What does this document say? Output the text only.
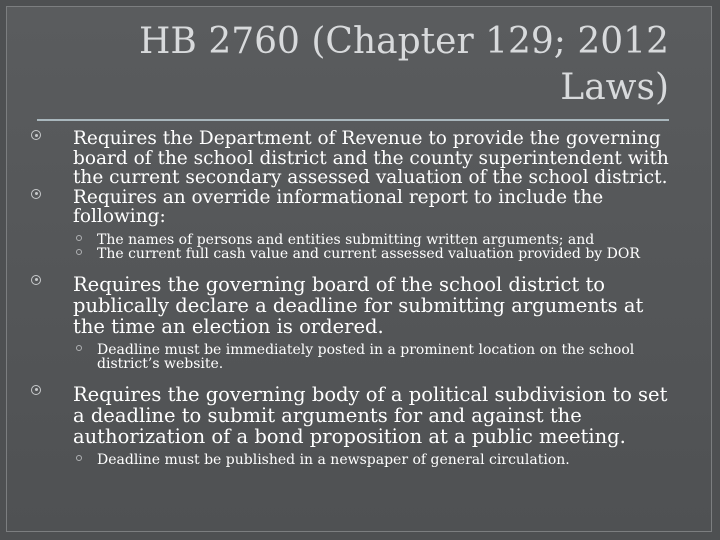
HB 2760 (Chapter 129; 2012 Laws)
Requires the Department of Revenue to provide the governing board of the school district and the county superintendent with the current secondary assessed valuation of the school district.
Requires an override informational report to include the following:
The names of persons and entities submitting written arguments; and
The current full cash value and current assessed valuation provided by DOR
Requires the governing board of the school district to publically declare a deadline for submitting arguments at the time an election is ordered.
Deadline must be immediately posted in a prominent location on the school district’s website.
Requires the governing body of a political subdivision to set a deadline to submit arguments for and against the authorization of a bond proposition at a public meeting.
Deadline must be published in a newspaper of general circulation.
